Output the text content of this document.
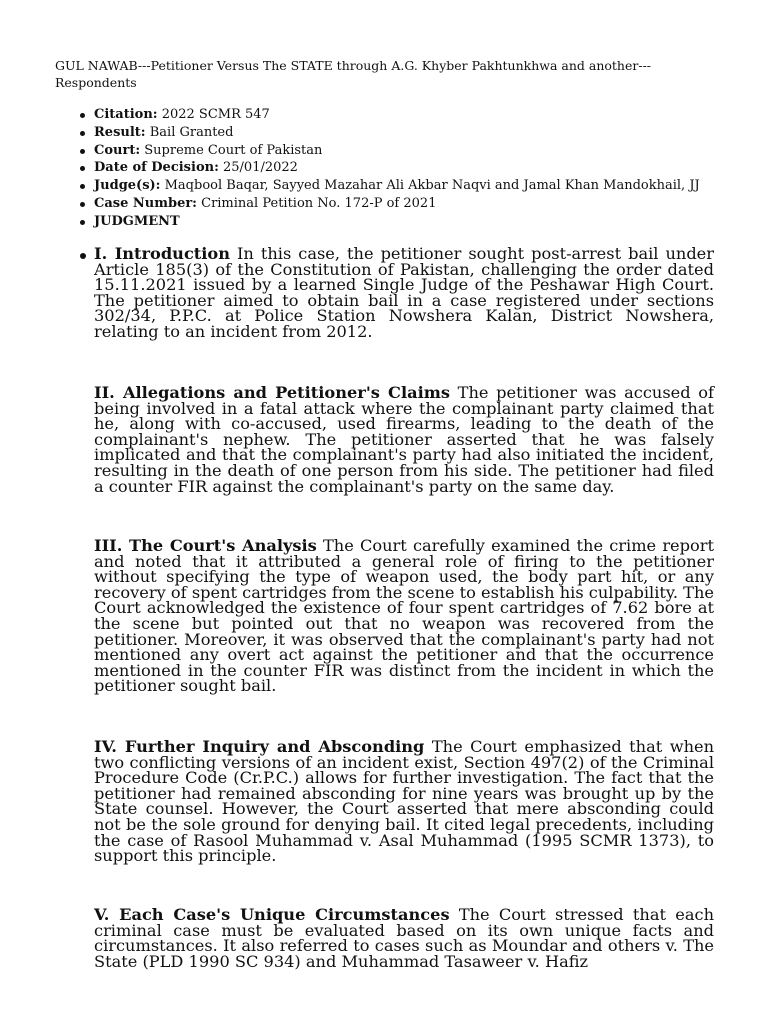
GUL NAWAB---Petitioner Versus The STATE through A.G. Khyber Pakhtunkhwa and another---Respondents
Citation: 2022 SCMR 547
Result: Bail Granted
Court: Supreme Court of Pakistan
Date of Decision: 25/01/2022
Judge(s): Maqbool Baqar, Sayyed Mazahar Ali Akbar Naqvi and Jamal Khan Mandokhail, JJ
Case Number: Criminal Petition No. 172-P of 2021
JUDGMENT
I. Introduction In this case, the petitioner sought post-arrest bail under Article 185(3) of the Constitution of Pakistan, challenging the order dated 15.11.2021 issued by a learned Single Judge of the Peshawar High Court. The petitioner aimed to obtain bail in a case registered under sections 302/34, P.P.C. at Police Station Nowshera Kalan, District Nowshera, relating to an incident from 2012.
II. Allegations and Petitioner's Claims The petitioner was accused of being involved in a fatal attack where the complainant party claimed that he, along with co-accused, used firearms, leading to the death of the complainant's nephew. The petitioner asserted that he was falsely implicated and that the complainant's party had also initiated the incident, resulting in the death of one person from his side. The petitioner had filed a counter FIR against the complainant's party on the same day.
III. The Court's Analysis The Court carefully examined the crime report and noted that it attributed a general role of firing to the petitioner without specifying the type of weapon used, the body part hit, or any recovery of spent cartridges from the scene to establish his culpability. The Court acknowledged the existence of four spent cartridges of 7.62 bore at the scene but pointed out that no weapon was recovered from the petitioner. Moreover, it was observed that the complainant's party had not mentioned any overt act against the petitioner and that the occurrence mentioned in the counter FIR was distinct from the incident in which the petitioner sought bail.
IV. Further Inquiry and Absconding The Court emphasized that when two conflicting versions of an incident exist, Section 497(2) of the Criminal Procedure Code (Cr.P.C.) allows for further investigation. The fact that the petitioner had remained absconding for nine years was brought up by the State counsel. However, the Court asserted that mere absconding could not be the sole ground for denying bail. It cited legal precedents, including the case of Rasool Muhammad v. Asal Muhammad (1995 SCMR 1373), to support this principle.
V. Each Case's Unique Circumstances The Court stressed that each criminal case must be evaluated based on its own unique facts and circumstances. It also referred to cases such as Moundar and others v. The State (PLD 1990 SC 934) and Muhammad Tasaweer v. Hafiz
